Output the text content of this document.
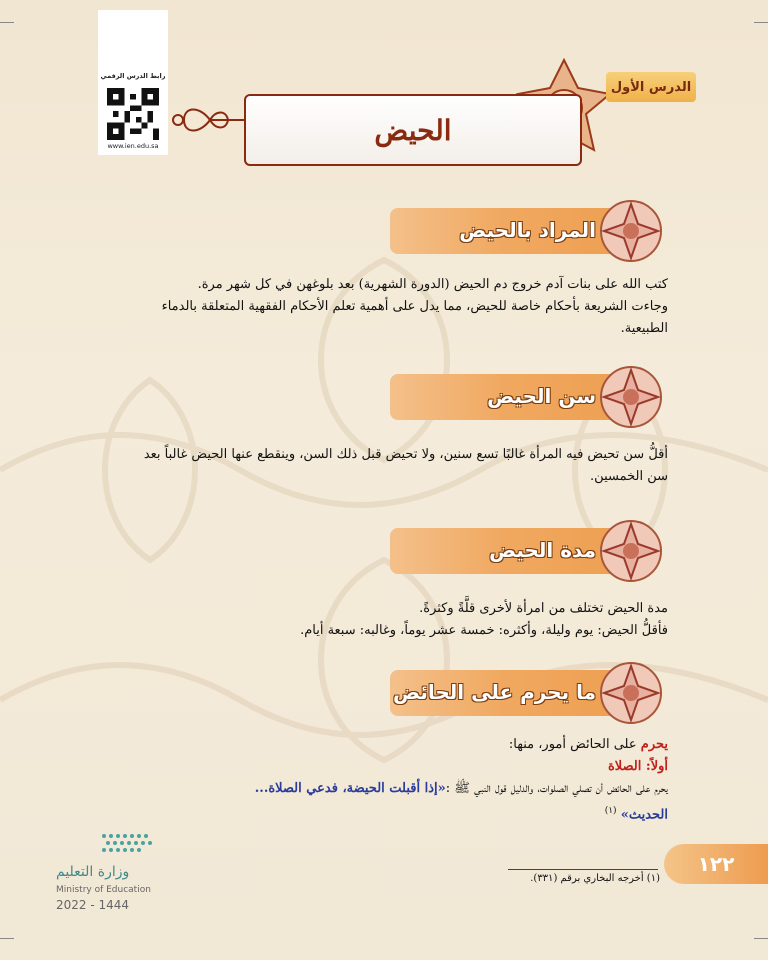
رابط الدرس الرقمي
www.ien.edu.sa
الدرس الأول
الحيض
المراد بالحيض
كتب الله على بنات آدم خروج دم الحيض (الدورة الشهرية) بعد بلوغهن في كل شهر مرة.
وجاءت الشريعة بأحكام خاصة للحيض، مما يدل على أهمية تعلم الأحكام الفقهية المتعلقة بالدماء
الطبيعية.
سن الحيض
أقلُّ سن تحيض فيه المرأة غالبًا تسع سنين، ولا تحيض قبل ذلك السن، وينقطع عنها الحيض غالباً بعد
سن الخمسين.
مدة الحيض
مدة الحيض تختلف من امرأة لأخرى قلَّةً وكثرةً.
فأقلُّ الحيض: يوم وليلة، وأكثره: خمسة عشر يوماً، وغالبه: سبعة أيام.
ما يحرم على الحائض
يحرم على الحائض أمور، منها:
أولاً: الصلاة
يحرم على الحائض أن تصلي الصلوات، والدليل قول النبي ﷺ :«إذا أقبلت الحيضة، فدعي الصلاة...
الحديث» $^{(١)}$
(١) أخرجه البخاري برقم (٣٣١).
١٢٢
وزارة التعليم
Ministry of Education
2022 - 1444
